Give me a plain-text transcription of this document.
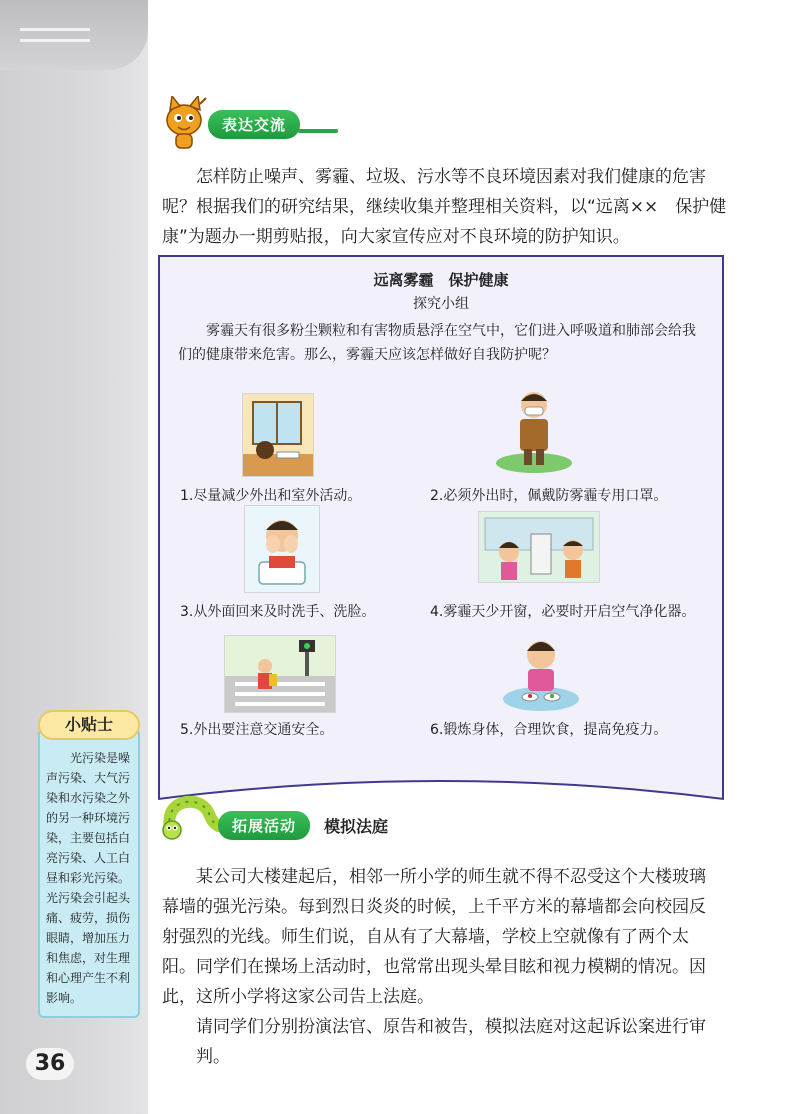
表达交流
怎样防止噪声、雾霾、垃圾、污水等不良环境因素对我们健康的危害
呢？根据我们的研究结果，继续收集并整理相关资料，以“远离××　保护健
康”为题办一期剪贴报，向大家宣传应对不良环境的防护知识。
远离雾霾　保护健康
探究小组
雾霾天有很多粉尘颗粒和有害物质悬浮在空气中，它们进入呼吸道和肺部会给我们的健康带来危害。那么，雾霾天应该怎样做好自我防护呢？
1.尽量减少外出和室外活动。	2.必须外出时，佩戴防雾霾专用口罩。
3.从外面回来及时洗手、洗脸。	4.雾霾天少开窗，必要时开启空气净化器。
5.外出要注意交通安全。	6.锻炼身体，合理饮食，提高免疫力。
拓展活动	模拟法庭
某公司大楼建起后，相邻一所小学的师生就不得不忍受这个大楼玻璃
幕墙的强光污染。每到烈日炎炎的时候，上千平方米的幕墙都会向校园反
射强烈的光线。师生们说，自从有了大幕墙，学校上空就像有了两个太
阳。同学们在操场上活动时，也常常出现头晕目眩和视力模糊的情况。因
此，这所小学将这家公司告上法庭。
请同学们分别扮演法官、原告和被告，模拟法庭对这起诉讼案进行审判。
小贴士
光污染是噪声污染、大气污染和水污染之外的另一种环境污染，主要包括白亮污染、人工白昼和彩光污染。光污染会引起头痛、疲劳，损伤眼睛，增加压力和焦虑，对生理和心理产生不利影响。
36
